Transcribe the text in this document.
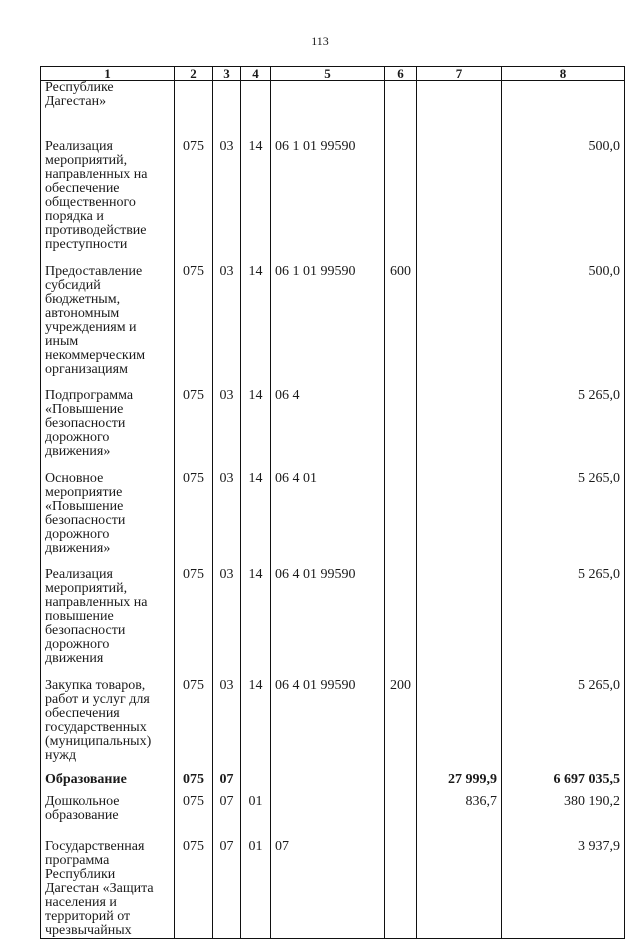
113
1	2	3	4	5	6	7	8
Республике Дагестан»							
Реализация мероприятий, направленных на обеспечение общественного порядка и противодействие преступности	075	03	14	06 1 01 99590			500,0
Предоставление субсидий бюджетным, автономным учреждениям и иным некоммерческим организациям	075	03	14	06 1 01 99590	600		500,0
Подпрограмма «Повышение безопасности дорожного движения»	075	03	14	06 4			5 265,0
Основное мероприятие «Повышение безопасности дорожного движения»	075	03	14	06 4 01			5 265,0
Реализация мероприятий, направленных на повышение безопасности дорожного движения	075	03	14	06 4 01 99590			5 265,0
Закупка товаров, работ и услуг для обеспечения государственных (муниципальных) нужд	075	03	14	06 4 01 99590	200		5 265,0
Образование	075	07				27 999,9	6 697 035,5
Дошкольное образование	075	07	01			836,7	380 190,2
Государственная программа Республики Дагестан «Защита населения и территорий от чрезвычайных	075	07	01	07			3 937,9
